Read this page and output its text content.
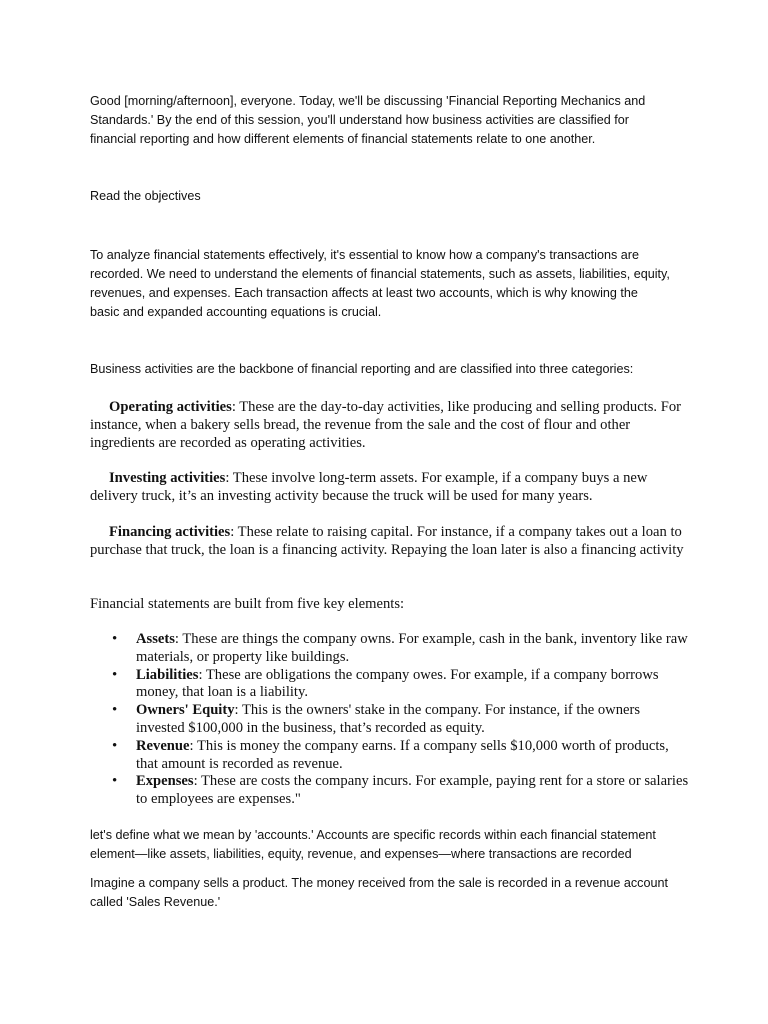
Good [morning/afternoon], everyone. Today, we'll be discussing 'Financial Reporting Mechanics and Standards.' By the end of this session, you'll understand how business activities are classified for financial reporting and how different elements of financial statements relate to one another.

Read the objectives

To analyze financial statements effectively, it's essential to know how a company's transactions are recorded. We need to understand the elements of financial statements, such as assets, liabilities, equity, revenues, and expenses. Each transaction affects at least two accounts, which is why knowing the basic and expanded accounting equations is crucial.

Business activities are the backbone of financial reporting and are classified into three categories:

Operating activities: These are the day-to-day activities, like producing and selling products. For instance, when a bakery sells bread, the revenue from the sale and the cost of flour and other ingredients are recorded as operating activities.

Investing activities: These involve long-term assets. For example, if a company buys a new delivery truck, it’s an investing activity because the truck will be used for many years.

Financing activities: These relate to raising capital. For instance, if a company takes out a loan to purchase that truck, the loan is a financing activity. Repaying the loan later is also a financing activity

Financial statements are built from five key elements:

• Assets: These are things the company owns. For example, cash in the bank, inventory like raw materials, or property like buildings.
• Liabilities: These are obligations the company owes. For example, if a company borrows money, that loan is a liability.
• Owners' Equity: This is the owners' stake in the company. For instance, if the owners invested $100,000 in the business, that’s recorded as equity.
• Revenue: This is money the company earns. If a company sells $10,000 worth of products, that amount is recorded as revenue.
• Expenses: These are costs the company incurs. For example, paying rent for a store or salaries to employees are expenses."

let's define what we mean by 'accounts.' Accounts are specific records within each financial statement element—like assets, liabilities, equity, revenue, and expenses—where transactions are recorded

Imagine a company sells a product. The money received from the sale is recorded in a revenue account called 'Sales Revenue.'
